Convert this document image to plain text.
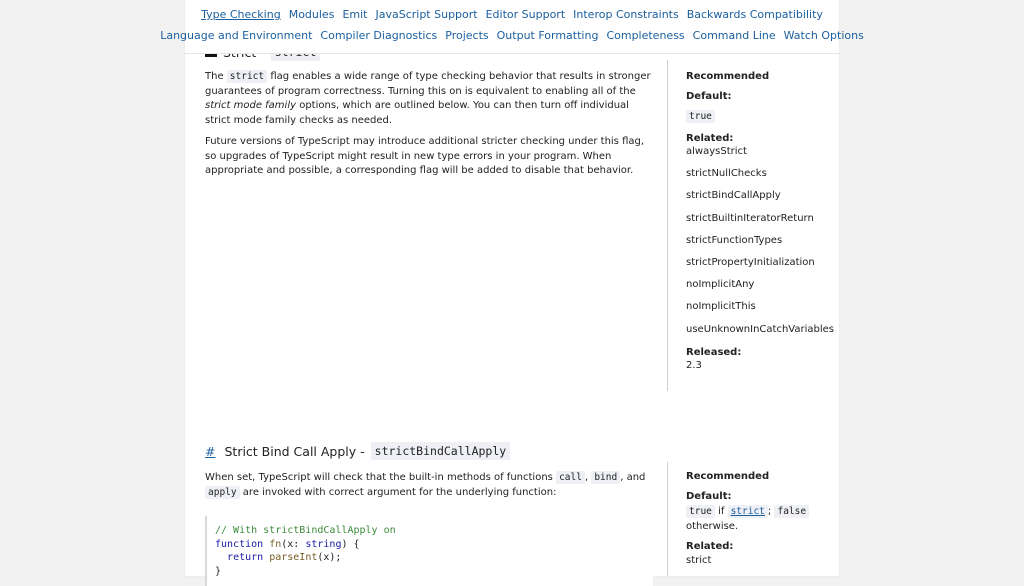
Type Checking Modules Emit JavaScript Support Editor Support Interop Constraints Backwards Compatibility
Language and Environment Compiler Diagnostics Projects Output Formatting Completeness Command Line Watch Options

The strict flag enables a wide range of type checking behavior that results in stronger guarantees of program correctness. Turning this on is equivalent to enabling all of the strict mode family options, which are outlined below. You can then turn off individual strict mode family checks as needed.

Future versions of TypeScript may introduce additional stricter checking under this flag, so upgrades of TypeScript might result in new type errors in your program. When appropriate and possible, a corresponding flag will be added to disable that behavior.

Recommended
Default:
true
Related:
alwaysStrict
strictNullChecks
strictBindCallApply
strictBuiltinIteratorReturn
strictFunctionTypes
strictPropertyInitialization
noImplicitAny
noImplicitThis
useUnknownInCatchVariables
Released:
2.3
# Strict Bind Call Apply - strictBindCallApply

When set, TypeScript will check that the built-in methods of functions call , bind , and apply are invoked with correct argument for the underlying function:

// With strictBindCallApply on
function fn(x: string) {
return parseInt(x);
}
Recommended
Default:
true if strict ; false otherwise.
Related:
strict
